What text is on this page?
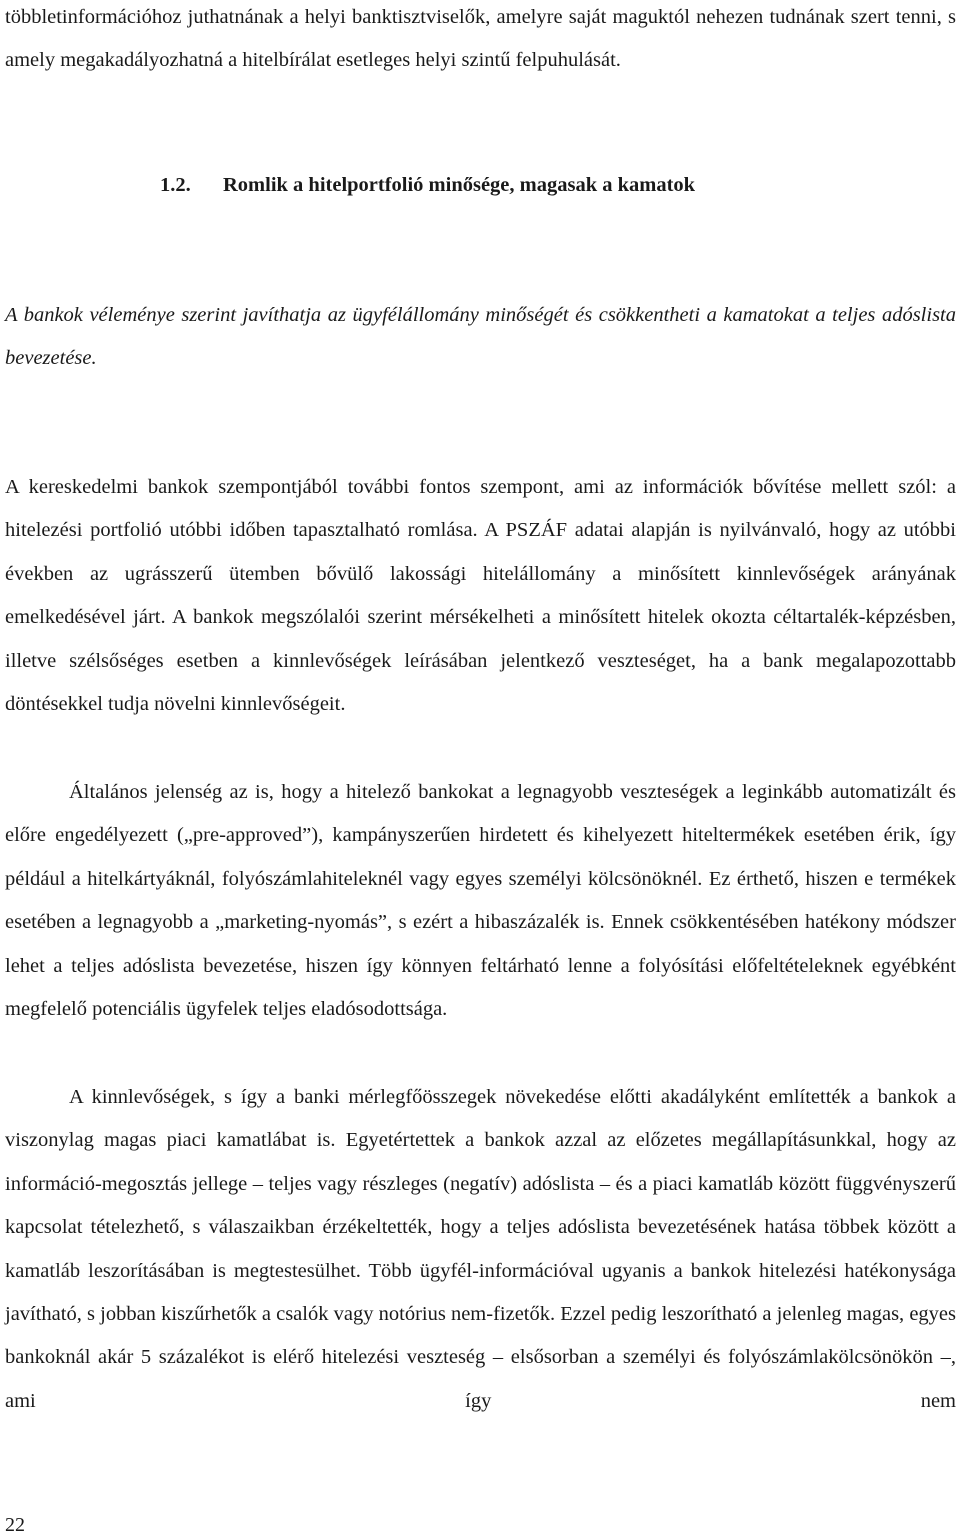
többletinformációhoz juthatnának a helyi banktisztviselők, amelyre saját maguktól nehezen tudnának szert tenni, s amely megakadályozhatná a hitelbírálat esetleges helyi szintű felpuhulását.

1.2. Romlik a hitelportfolió minősége, magasak a kamatok

A bankok véleménye szerint javíthatja az ügyfélállomány minőségét és csökkentheti a kamatokat a teljes adóslista bevezetése.

A kereskedelmi bankok szempontjából további fontos szempont, ami az információk bővítése mellett szól: a hitelezési portfolió utóbbi időben tapasztalható romlása. A PSZÁF adatai alapján is nyilvánvaló, hogy az utóbbi években az ugrásszerű ütemben bővülő lakossági hitelállomány a minősített kinnlevőségek arányának emelkedésével járt. A bankok megszólalói szerint mérsékelheti a minősített hitelek okozta céltartalék-képzésben, illetve szélsőséges esetben a kinnlevőségek leírásában jelentkező veszteséget, ha a bank megalapozottabb döntésekkel tudja növelni kinnlevőségeit.

Általános jelenség az is, hogy a hitelező bankokat a legnagyobb veszteségek a leginkább automatizált és előre engedélyezett („pre-approved”), kampányszerűen hirdetett és kihelyezett hiteltermékek esetében érik, így például a hitelkártyáknál, folyószámlahiteleknél vagy egyes személyi kölcsönöknél. Ez érthető, hiszen e termékek esetében a legnagyobb a „marketing-nyomás”, s ezért a hibaszázalék is. Ennek csökkentésében hatékony módszer lehet a teljes adóslista bevezetése, hiszen így könnyen feltárható lenne a folyósítási előfeltételeknek egyébként megfelelő potenciális ügyfelek teljes eladósodottsága.

A kinnlevőségek, s így a banki mérlegfőösszegek növekedése előtti akadályként említették a bankok a viszonylag magas piaci kamatlábat is. Egyetértettek a bankok azzal az előzetes megállapításunkkal, hogy az információ-megosztás jellege – teljes vagy részleges (negatív) adóslista – és a piaci kamatláb között függvényszerű kapcsolat tételezhető, s válaszaikban érzékeltették, hogy a teljes adóslista bevezetésének hatása többek között a kamatláb leszorításában is megtestesülhet. Több ügyfél-információval ugyanis a bankok hitelezési hatékonysága javítható, s jobban kiszűrhetők a csalók vagy notórius nem-fizetők. Ezzel pedig leszorítható a jelenleg magas, egyes bankoknál akár 5 százalékot is elérő hitelezési veszteség – elsősorban a személyi és folyószámlakölcsönökön –, ami így nem

22
